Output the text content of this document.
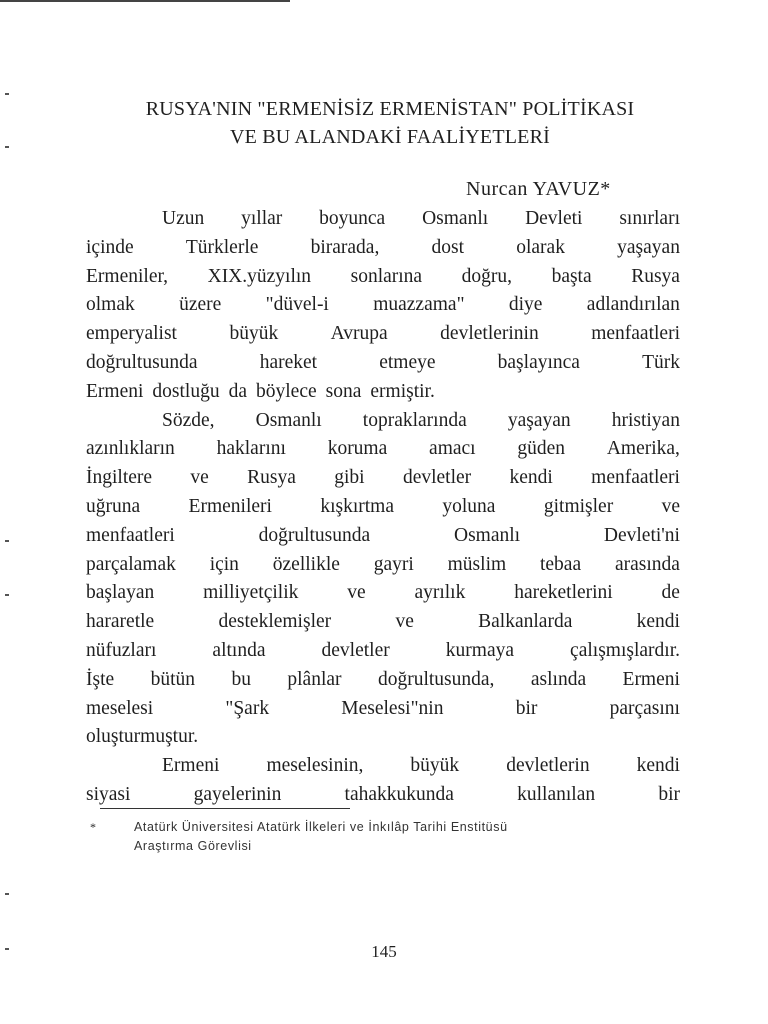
RUSYA'NIN "ERMENİSİZ ERMENİSTAN" POLİTİKASI
VE BU ALANDAKİ FAALİYETLERİ

Nurcan YAVUZ*

Uzun yıllar boyunca Osmanlı Devleti sınırları
içinde	Türklerle	birarada,	dost	olarak	yaşayan
Ermeniler, XIX.yüzyılın sonlarına doğru, başta Rusya
olmak üzere "düvel-i muazzama" diye adlandırılan
emperyalist	büyük	Avrupa	devletlerinin	menfaatleri
doğrultusunda	hareket	etmeye	başlayınca	Türk
Ermeni dostluğu da böylece sona ermiştir.
Sözde, Osmanlı topraklarında yaşayan hristiyan
azınlıkların haklarını koruma amacı güden Amerika,
İngiltere ve Rusya gibi devletler kendi menfaatleri
uğruna Ermenileri kışkırtma yoluna gitmişler ve
menfaatleri	doğrultusunda	Osmanlı	Devleti'ni
parçalamak için özellikle gayri müslim tebaa arasında
başlayan	milliyetçilik	ve	ayrılık	hareketlerini	de
hararetle	desteklemişler	ve	Balkanlarda	kendi
nüfuzları	altında	devletler	kurmaya	çalışmışlardır.
İşte bütün bu plânlar doğrultusunda, aslında Ermeni
meselesi	"Şark	Meselesi"nin	bir	parçasını
oluşturmuştur.
Ermeni meselesinin, büyük devletlerin kendi
siyasi	gayelerinin	tahakkukunda	kullanılan	bir
*	Atatürk Üniversitesi Atatürk İlkeleri ve İnkılâp Tarihi Enstitüsü
Araştırma Görevlisi
145
